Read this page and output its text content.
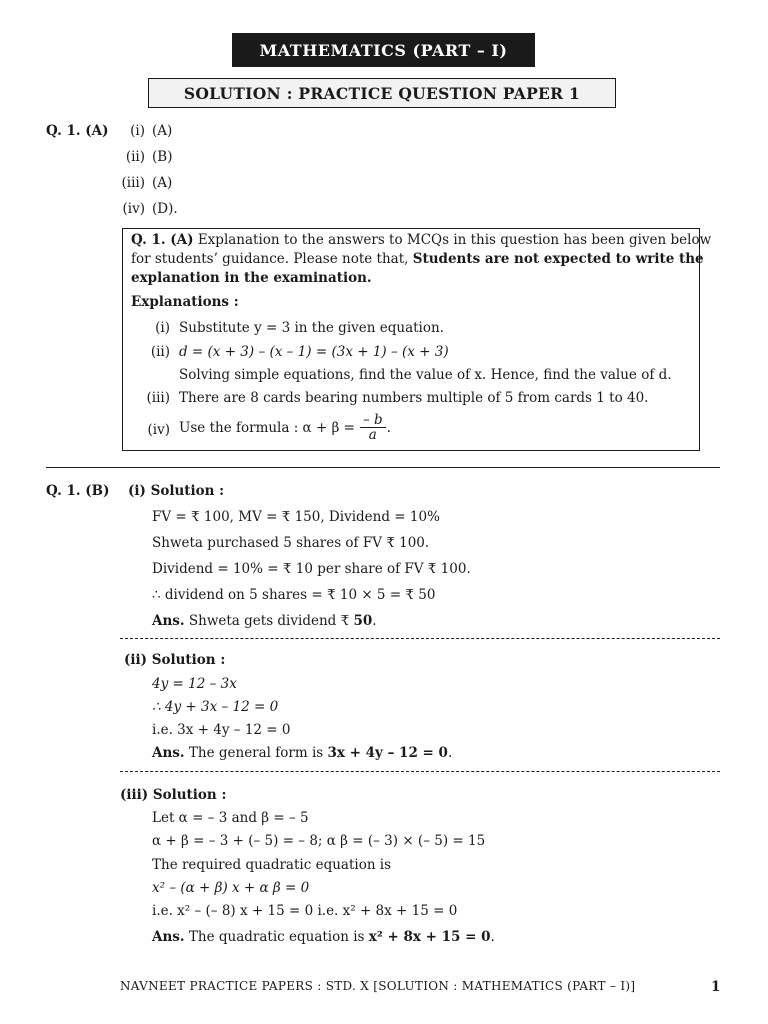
MATHEMATICS (PART – I)
SOLUTION : PRACTICE QUESTION PAPER 1
Q. 1. (A)	(i) (A)
(ii) (B)
(iii) (A)
(iv) (D).
Q. 1. (A) Explanation to the answers to MCQs in this question has been given below
for students’ guidance. Please note that, Students are not expected to write the
explanation in the examination.
Explanations :
(i) Substitute y = 3 in the given equation.
(ii) d = (x + 3) – (x – 1) = (3x + 1) – (x + 3)
Solving simple equations, find the value of x. Hence, find the value of d.
(iii) There are 8 cards bearing numbers multiple of 5 from cards 1 to 40.
(iv) Use the formula : $\alpha + \beta = \frac{- b}{a}$ .
Q. 1. (B) (i) Solution :
FV = ₹ 100, MV = ₹ 150, Dividend = 10%
Shweta purchased 5 shares of FV ₹ 100.
Dividend = 10% = ₹ 10 per share of FV ₹ 100.
∴ dividend on 5 shares = ₹ 10 × 5 = ₹ 50
Ans. Shweta gets dividend ₹ 50.
(ii) Solution :
4y = 12 – 3x
∴ 4y + 3x – 12 = 0
i.e. 3x + 4y – 12 = 0
Ans. The general form is 3x + 4y – 12 = 0.
(iii) Solution :
Let α = – 3 and β = – 5
α + β = – 3 + (– 5) = – 8; α β = (– 3) × (– 5) = 15
The required quadratic equation is
x² – (α + β) x + α β = 0
i.e. x² – (– 8) x + 15 = 0 i.e. x² + 8x + 15 = 0
Ans. The quadratic equation is x² + 8x + 15 = 0.
NAVNEET PRACTICE PAPERS : STD. X [SOLUTION : MATHEMATICS (PART – I)]	1
